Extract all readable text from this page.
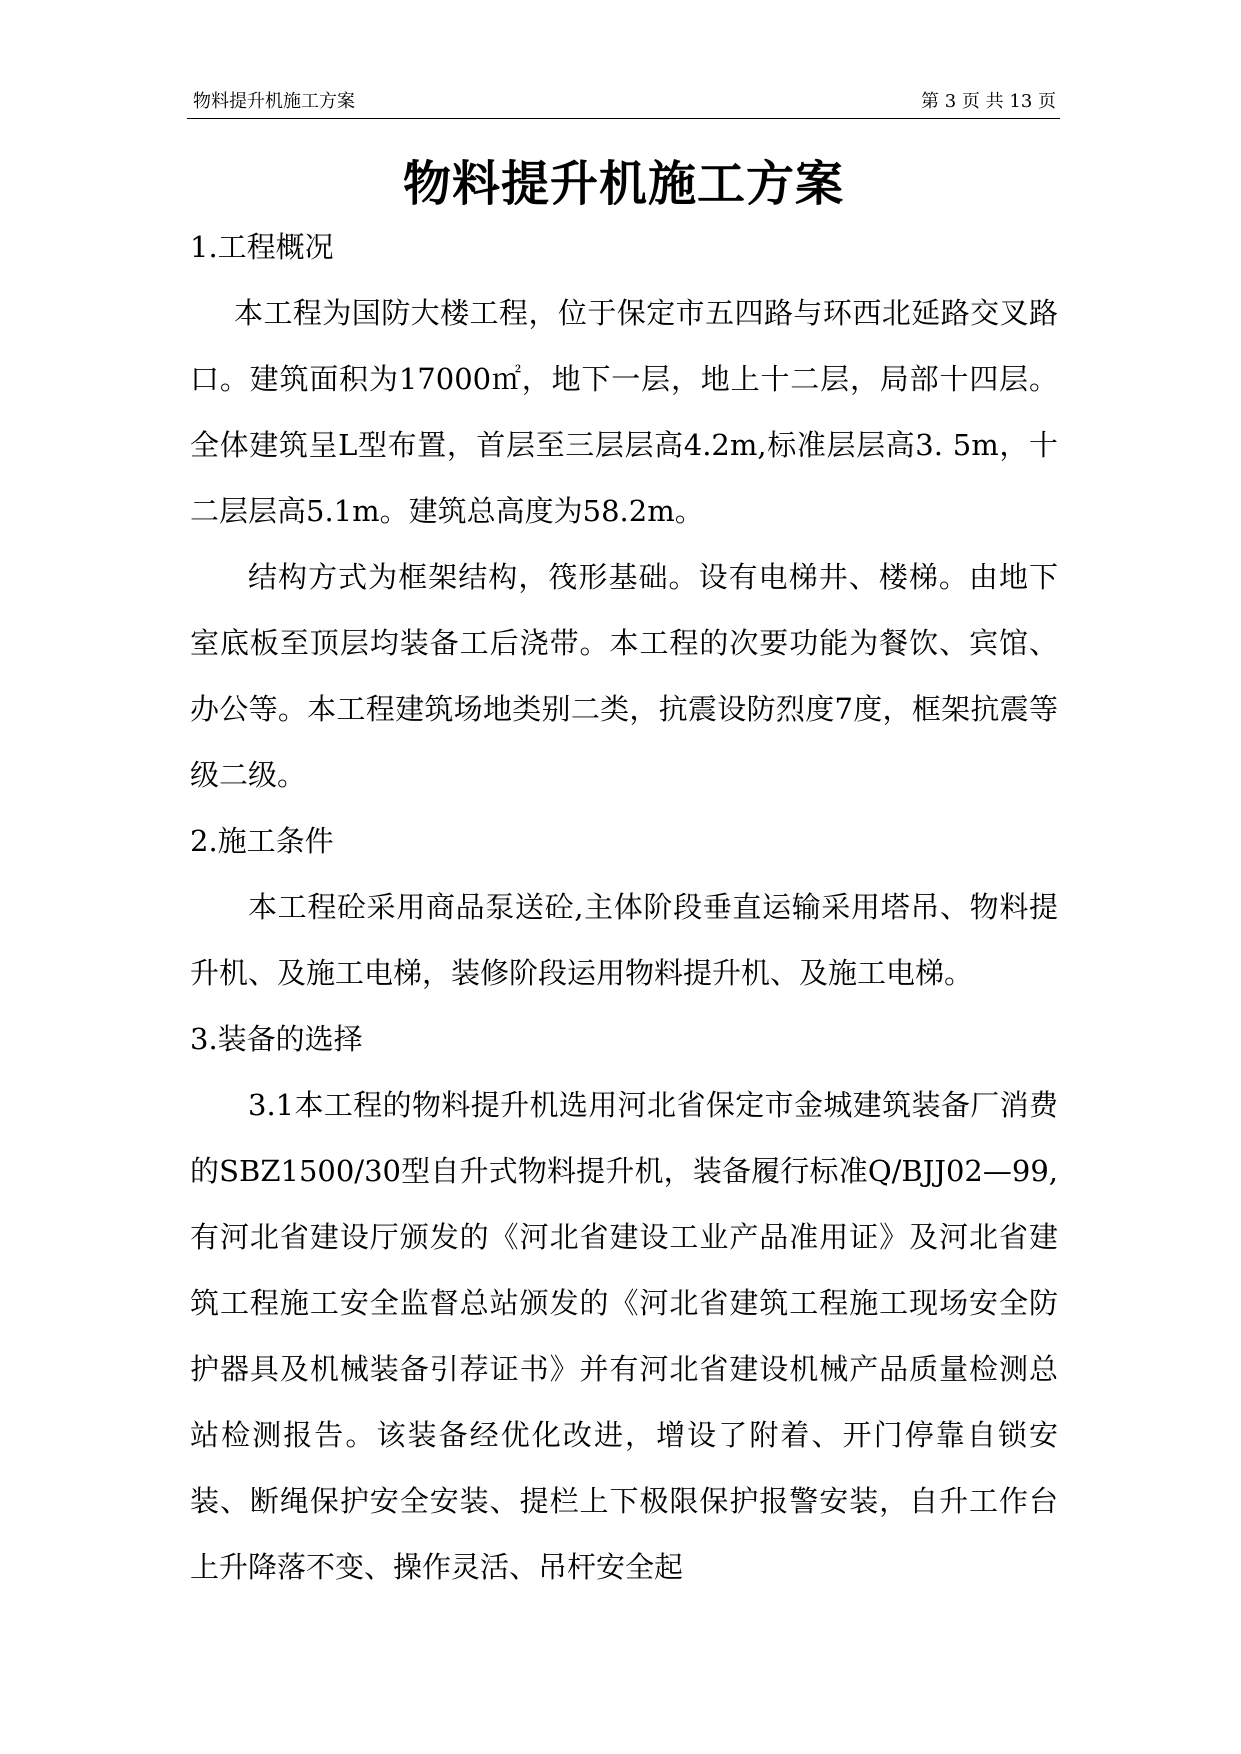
物料提升机施工方案	第 3 页 共 13 页
物料提升机施工方案
1.工程概况

本工程为国防大楼工程，位于保定市五四路与环西北延路交叉路口。建筑面积为17000㎡，地下一层，地上十二层，局部十四层。全体建筑呈L型布置，首层至三层层高4.2m,标准层层高3. 5m，十二层层高5.1m。建筑总高度为58.2m。

结构方式为框架结构，筏形基础。设有电梯井、楼梯。由地下室底板至顶层均装备工后浇带。本工程的次要功能为餐饮、宾馆、办公等。本工程建筑场地类别二类，抗震设防烈度7度，框架抗震等级二级。

2.施工条件

本工程砼采用商品泵送砼,主体阶段垂直运输采用塔吊、物料提升机、及施工电梯，装修阶段运用物料提升机、及施工电梯。

3.装备的选择

3.1本工程的物料提升机选用河北省保定市金城建筑装备厂消费的SBZ1500/30型自升式物料提升机，装备履行标准Q/BJJ02—99,有河北省建设厅颁发的《河北省建设工业产品准用证》及河北省建筑工程施工安全监督总站颁发的《河北省建筑工程施工现场安全防护器具及机械装备引荐证书》并有河北省建设机械产品质量检测总站检测报告。该装备经优化改进，增设了附着、开门停靠自锁安装、断绳保护安全安装、提栏上下极限保护报警安装，自升工作台上升降落不变、操作灵活、吊杆安全起
